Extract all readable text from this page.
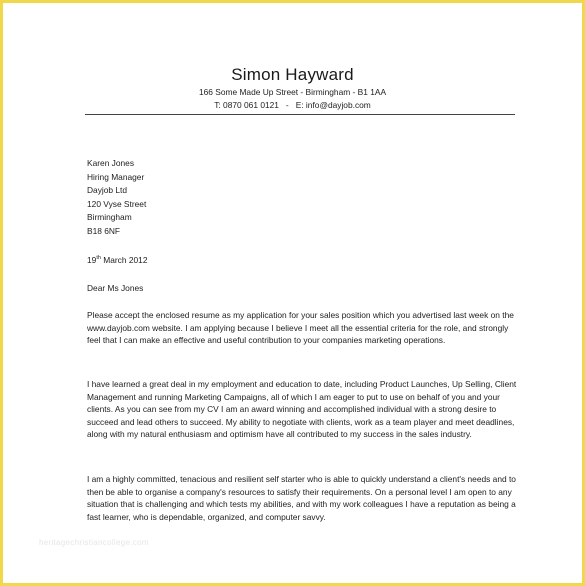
Simon Hayward
166 Some Made Up Street - Birmingham - B1 1AA
T: 0870 061 0121   -   E: info@dayjob.com
Karen Jones
Hiring Manager
Dayjob Ltd
120 Vyse Street
Birmingham
B18 6NF
19th March 2012
Dear Ms Jones

Please accept the enclosed resume as my application for your sales position which you advertised last week on the www.dayjob.com website. I am applying because I believe I meet all the essential criteria for the role, and strongly feel that I can make an effective and useful contribution to your companies marketing operations.

I have learned a great deal in my employment and education to date, including Product Launches, Up Selling, Client Management and running Marketing Campaigns, all of which I am eager to put to use on behalf of you and your clients. As you can see from my CV I am an award winning and accomplished individual with a strong desire to succeed and lead others to succeed. My ability to negotiate with clients, work as a team player and meet deadlines, along with my natural enthusiasm and optimism have all contributed to my success in the sales industry.

I am a highly committed, tenacious and resilient self starter who is able to quickly understand a client's needs and to then be able to organise a company's resources to satisfy their requirements. On a personal level I am open to any situation that is challenging and which tests my abilities, and with my work colleagues I have a reputation as being a fast learner, who is dependable, organized, and computer savvy.

heritagechristiancollege.com
